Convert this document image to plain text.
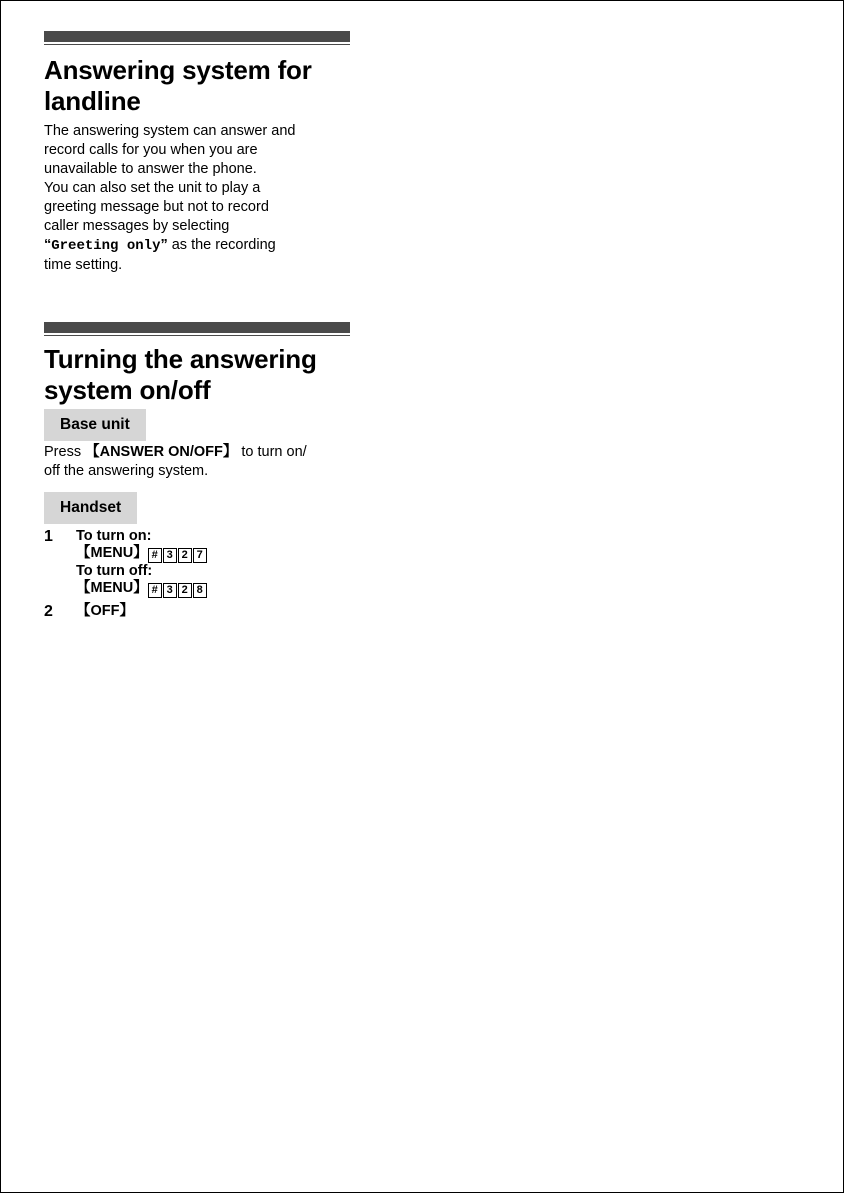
Answering system for
landline

The answering system can answer and
record calls for you when you are
unavailable to answer the phone.
You can also set the unit to play a
greeting message but not to record
caller messages by selecting
“Greeting only” as the recording
time setting.

Turning the answering
system on/off
Base unit

Press 【ANSWER ON/OFF】 to turn on/
off the answering system.

Handset
1 To turn on:
【MENU】 # 3 2 7
To turn off:
【MENU】 # 3 2 8
2 【OFF】
